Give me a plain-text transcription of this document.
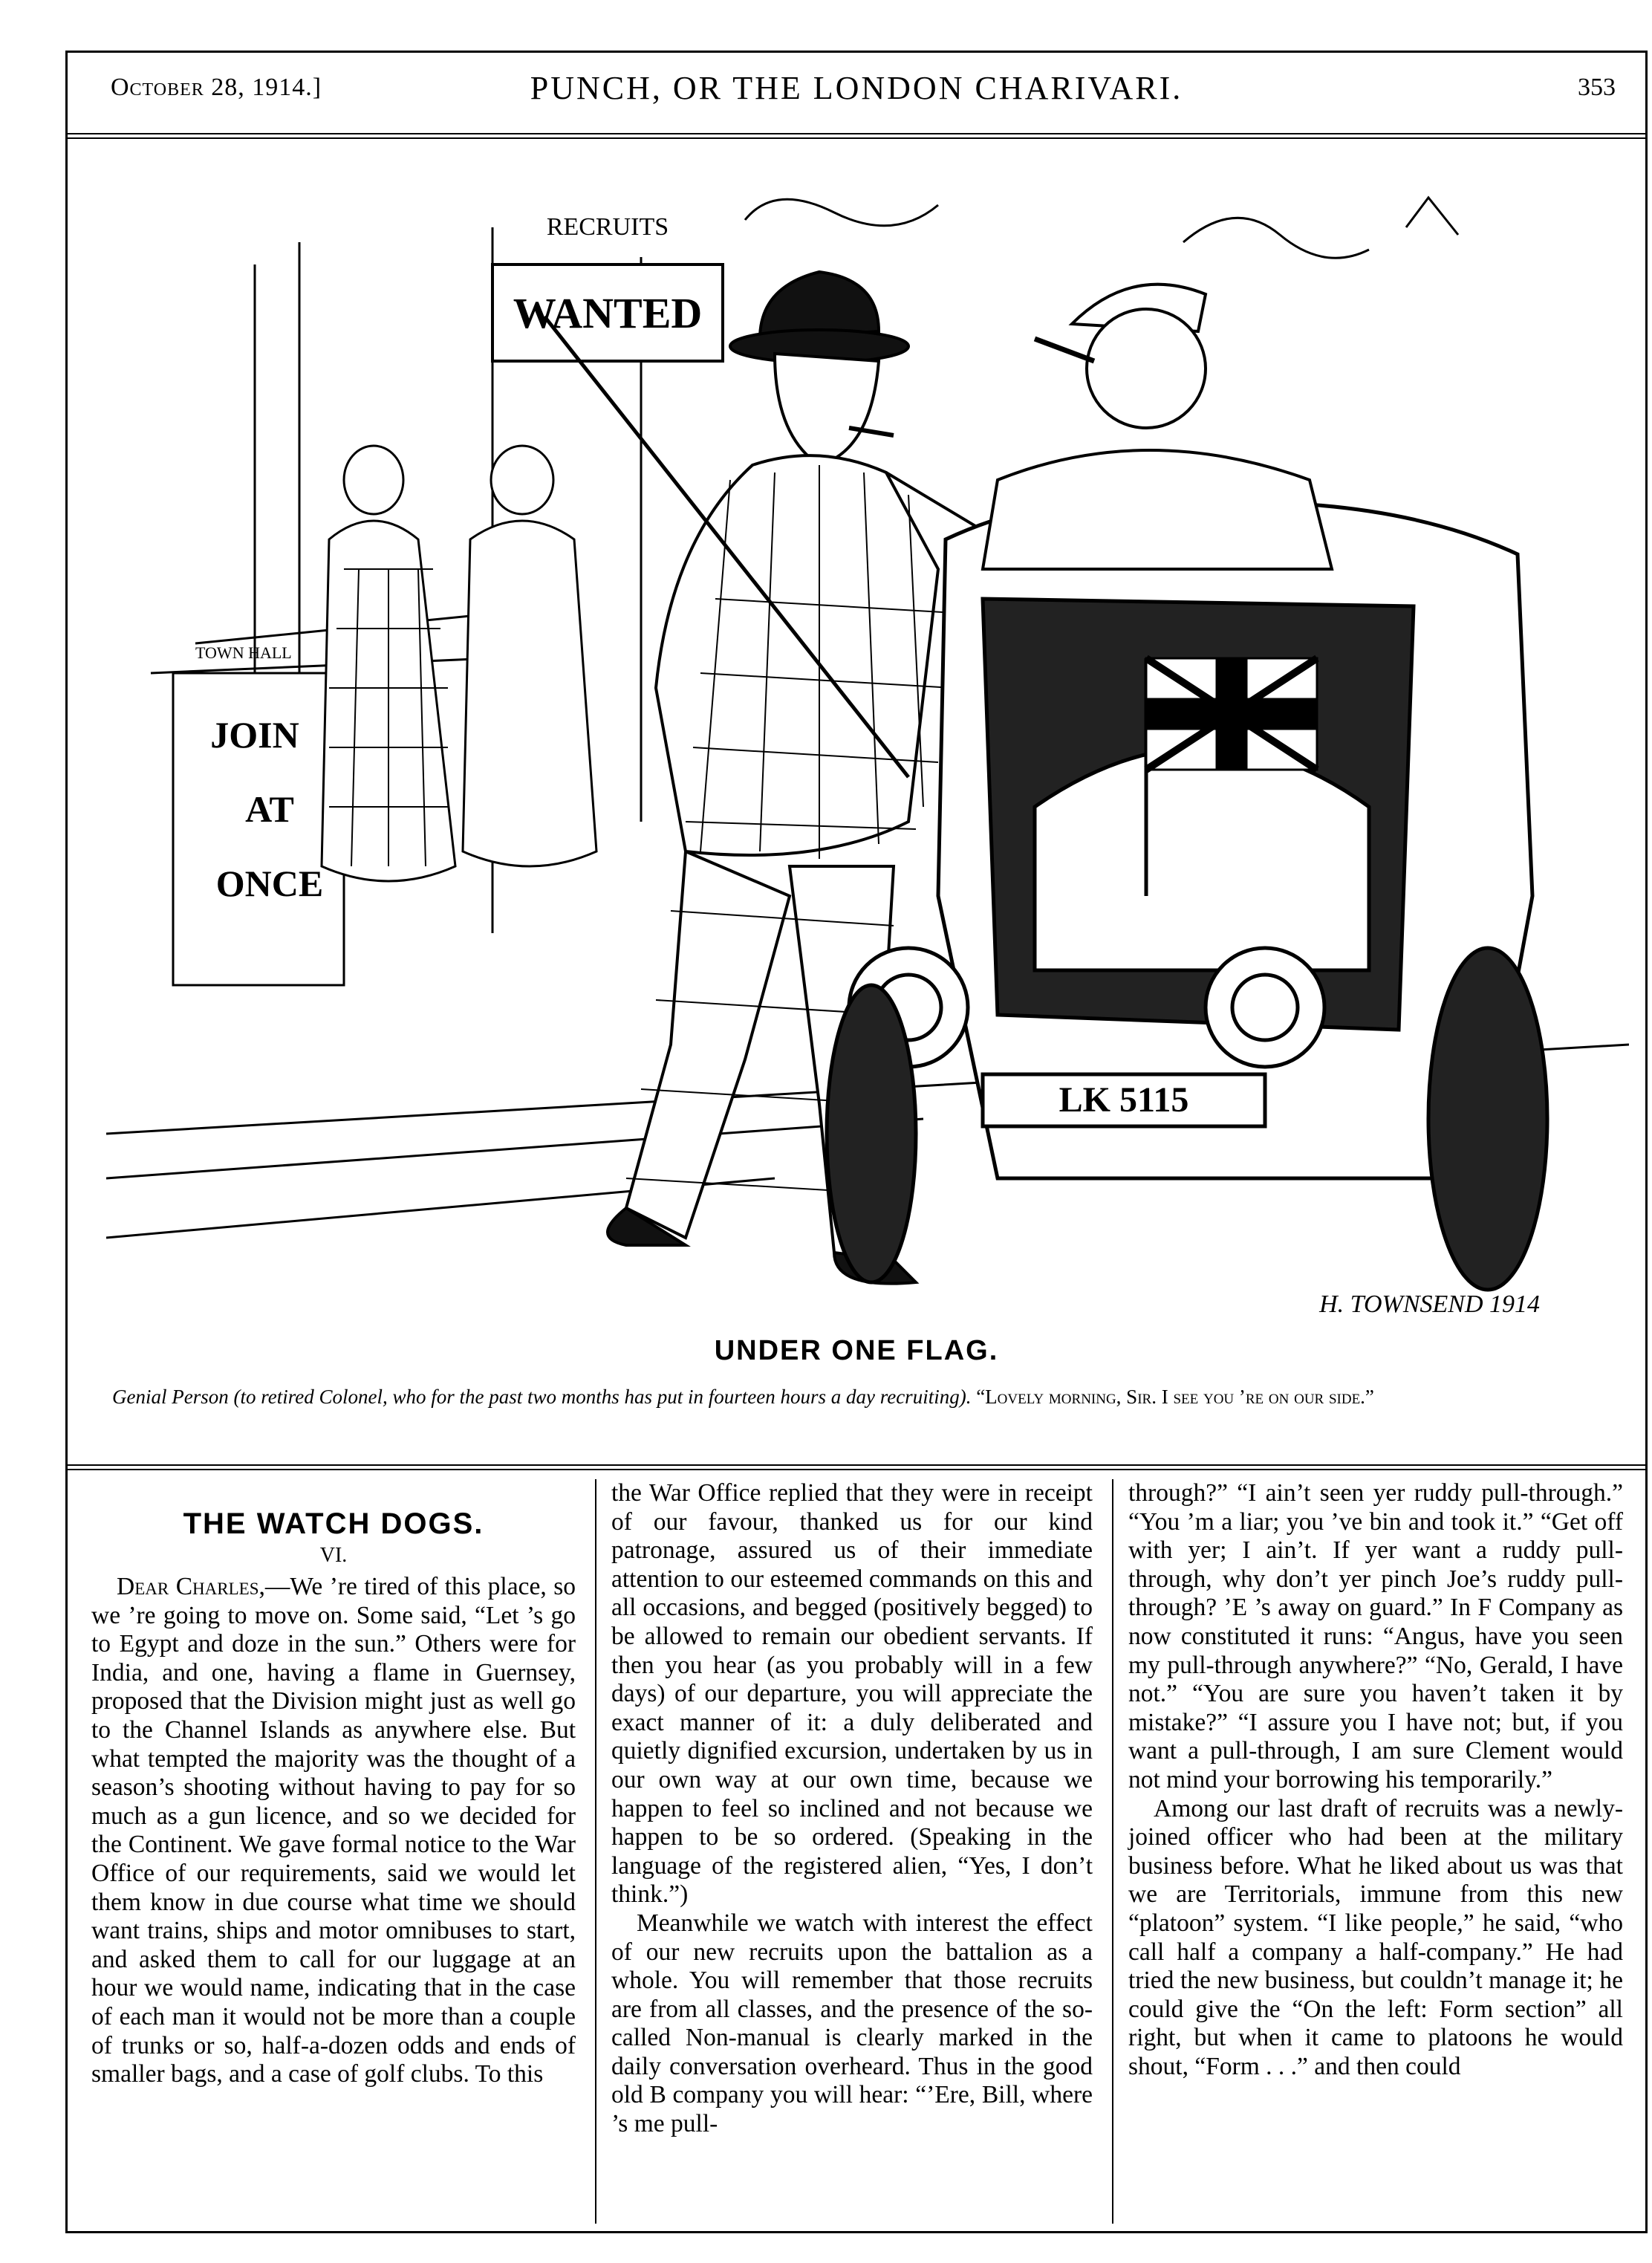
October 28, 1914.]	PUNCH, OR THE LONDON CHARIVARI.	353
RECRUITS
WANTED
TOWN HALL
JOIN
AT
ONCE
LK 5115
H. TOWNSEND 1914
UNDER ONE FLAG.
Genial Person (to retired Colonel, who for the past two months has put in fourteen hours a day recruiting). “Lovely morning, Sir. I see you ’re on our side.”
THE WATCH DOGS.
VI.

Dear Charles,—We ’re tired of this place, so we ’re going to move on. Some said, “Let ’s go to Egypt and doze in the sun.” Others were for India, and one, having a flame in Guernsey, proposed that the Division might just as well go to the Channel Islands as anywhere else. But what tempted the majority was the thought of a season’s shooting without having to pay for so much as a gun licence, and so we decided for the Continent. We gave formal notice to the War Office of our requirements, said we would let them know in due course what time we should want trains, ships and motor omnibuses to start, and asked them to call for our luggage at an hour we would name, indicating that in the case of each man it would not be more than a couple of trunks or so, half-a-dozen odds and ends of smaller bags, and a case of golf clubs. To this

the War Office replied that they were in receipt of our favour, thanked us for our kind patronage, assured us of their immediate attention to our esteemed commands on this and all occasions, and begged (positively begged) to be allowed to remain our obedient servants. If then you hear (as you probably will in a few days) of our departure, you will appreciate the exact manner of it: a duly deliberated and quietly dignified excursion, undertaken by us in our own way at our own time, because we happen to feel so inclined and not because we happen to be so ordered. (Speaking in the language of the registered alien, “Yes, I don’t think.”)

Meanwhile we watch with interest the effect of our new recruits upon the battalion as a whole. You will remember that those recruits are from all classes, and the presence of the so-called Non-manual is clearly marked in the daily conversation overheard. Thus in the good old B company you will hear: “’Ere, Bill, where ’s me pull-

through?” “I ain’t seen yer ruddy pull-through.” “You ’m a liar; you ’ve bin and took it.” “Get off with yer; I ain’t. If yer want a ruddy pull-through, why don’t yer pinch Joe’s ruddy pull-through? ’E ’s away on guard.” In F Company as now constituted it runs: “Angus, have you seen my pull-through anywhere?” “No, Gerald, I have not.” “You are sure you haven’t taken it by mistake?” “I assure you I have not; but, if you want a pull-through, I am sure Clement would not mind your borrowing his temporarily.”

Among our last draft of recruits was a newly-joined officer who had been at the military business before. What he liked about us was that we are Territorials, immune from this new “platoon” system. “I like people,” he said, “who call half a company a half-company.” He had tried the new business, but couldn’t manage it; he could give the “On the left: Form section” all right, but when it came to platoons he would shout, “Form . . .” and then could
